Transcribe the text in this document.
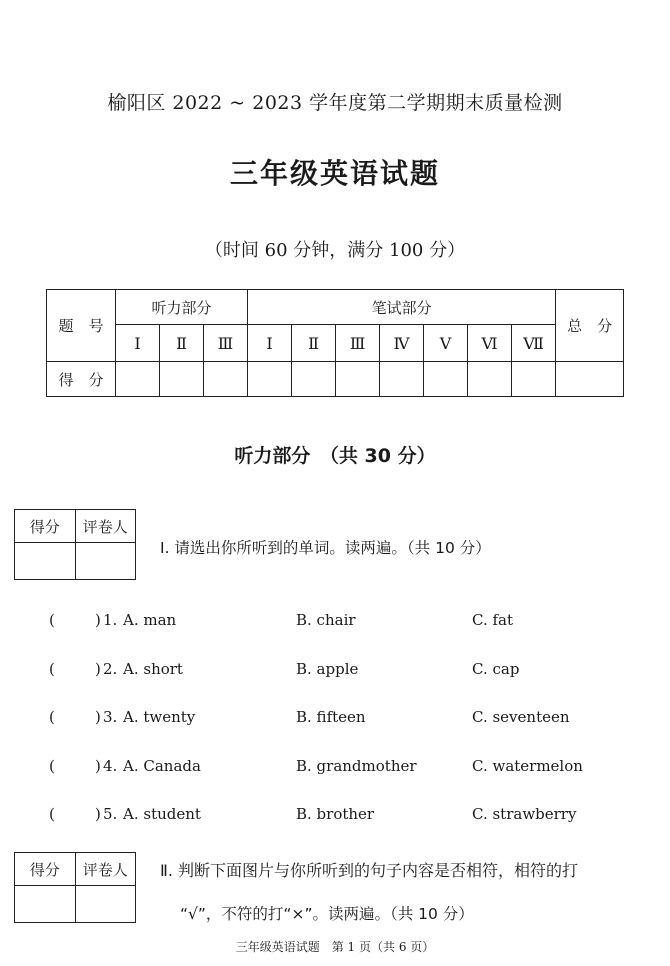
榆阳区 2022 ~ 2023 学年度第二学期期末质量检测
三年级英语试题
（时间 60 分钟，满分 100 分）
题　号	听力部分			笔试部分							总　分
	Ⅰ	Ⅱ	Ⅲ	Ⅰ	Ⅱ	Ⅲ	Ⅳ	Ⅴ	Ⅵ	Ⅶ	
得　分											
听力部分　（共 30 分）
得分	评卷人

Ⅰ. 请选出你所听到的单词。读两遍。（共 10 分）
(	) 1. A. man	B. chair	C. fat
(	) 2. A. short	B. apple	C. cap
(	) 3. A. twenty	B. fifteen	C. seventeen
(	) 4. A. Canada	B. grandmother	C. watermelon
(	) 5. A. student	B. brother	C. strawberry
得分	评卷人
	Ⅱ. 判断下面图片与你所听到的句子内容是否相符，相符的打
“√”，不符的打“×”。读两遍。（共 10 分）
三年级英语试题　第 1 页（共 6 页）
